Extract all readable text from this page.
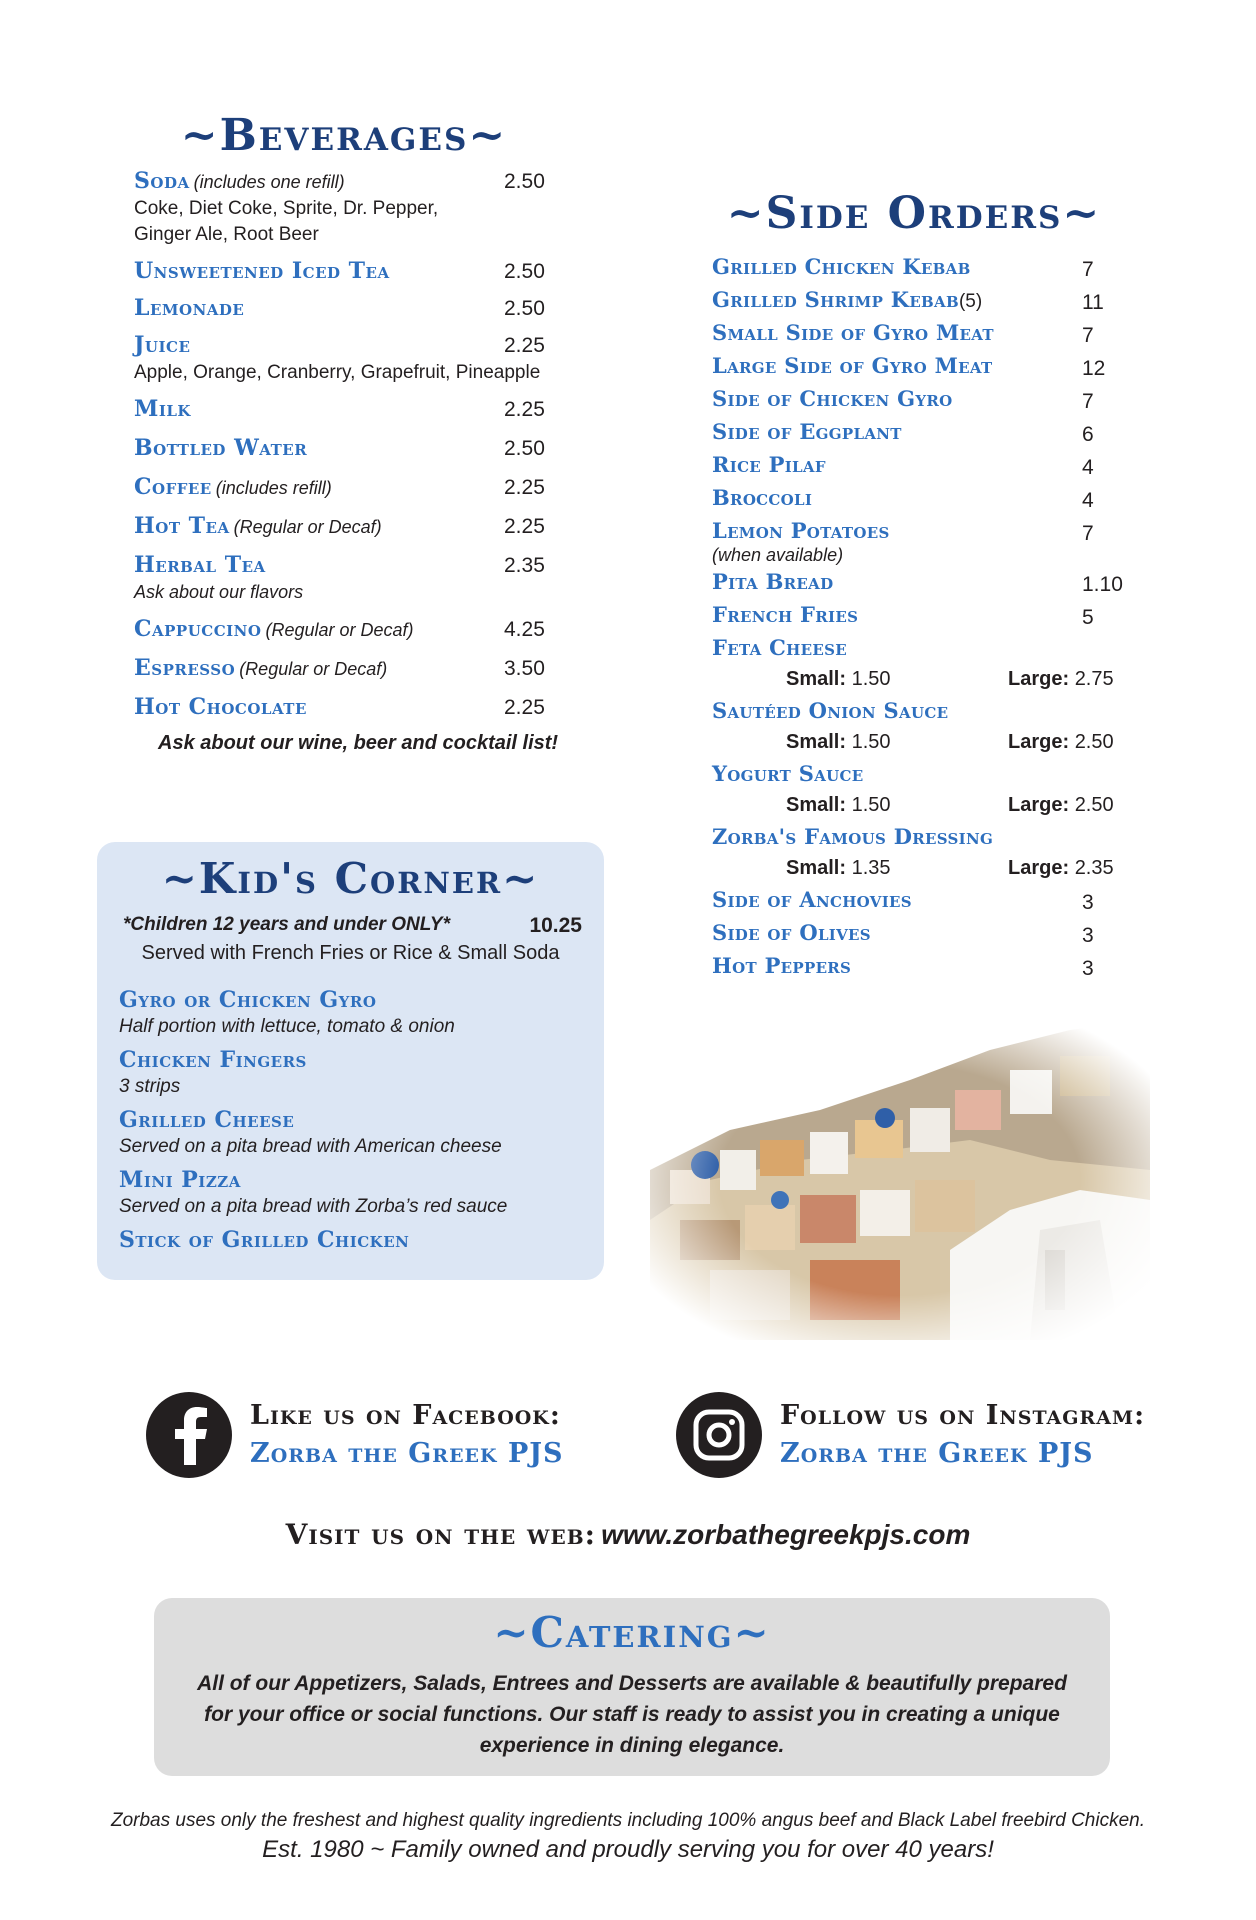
~Beverages~
Soda (includes one refill)	2.50
Coke, Diet Coke, Sprite, Dr. Pepper, Ginger Ale, Root Beer
Unsweetened Iced Tea	2.50
Lemonade	2.50
Juice	2.25
Apple, Orange, Cranberry, Grapefruit, Pineapple
Milk	2.25
Bottled Water	2.50
Coffee (includes refill)	2.25
Hot Tea (Regular or Decaf)	2.25
Herbal Tea	2.35
Ask about our flavors
Cappuccino (Regular or Decaf)	4.25
Espresso (Regular or Decaf)	3.50
Hot Chocolate	2.25
Ask about our wine, beer and cocktail list!
~Side Orders~
Grilled Chicken Kebab	7
Grilled Shrimp Kebab(5)	11
Small Side of Gyro Meat	7
Large Side of Gyro Meat	12
Side of Chicken Gyro	7
Side of Eggplant	6
Rice Pilaf	4
Broccoli	4
Lemon Potatoes	7
(when available)
Pita Bread	1.10
French Fries	5
Feta Cheese
Small: 1.50	Large: 2.75
Sautéed Onion Sauce
Small: 1.50	Large: 2.50
Yogurt Sauce
Small: 1.50	Large: 2.50
Zorba's Famous Dressing
Small: 1.35	Large: 2.35
Side of Anchovies	3
Side of Olives	3
Hot Peppers	3
~Kid's Corner~
*Children 12 years and under ONLY*	10.25
Served with French Fries or Rice & Small Soda
Gyro or Chicken Gyro
Half portion with lettuce, tomato & onion
Chicken Fingers
3 strips
Grilled Cheese
Served on a pita bread with American cheese
Mini Pizza
Served on a pita bread with Zorba’s red sauce
Stick of Grilled Chicken
Like us on Facebook:
Zorba the Greek PJS
Follow us on Instagram:
Zorba the Greek PJS
Visit us on the web: www.zorbathegreekpjs.com
~Catering~

All of our Appetizers, Salads, Entrees and Desserts are available & beautifully prepared for your office or social functions. Our staff is ready to assist you in creating a unique experience in dining elegance.

Zorbas uses only the freshest and highest quality ingredients including 100% angus beef and Black Label freebird Chicken.
Est. 1980 ~ Family owned and proudly serving you for over 40 years!
